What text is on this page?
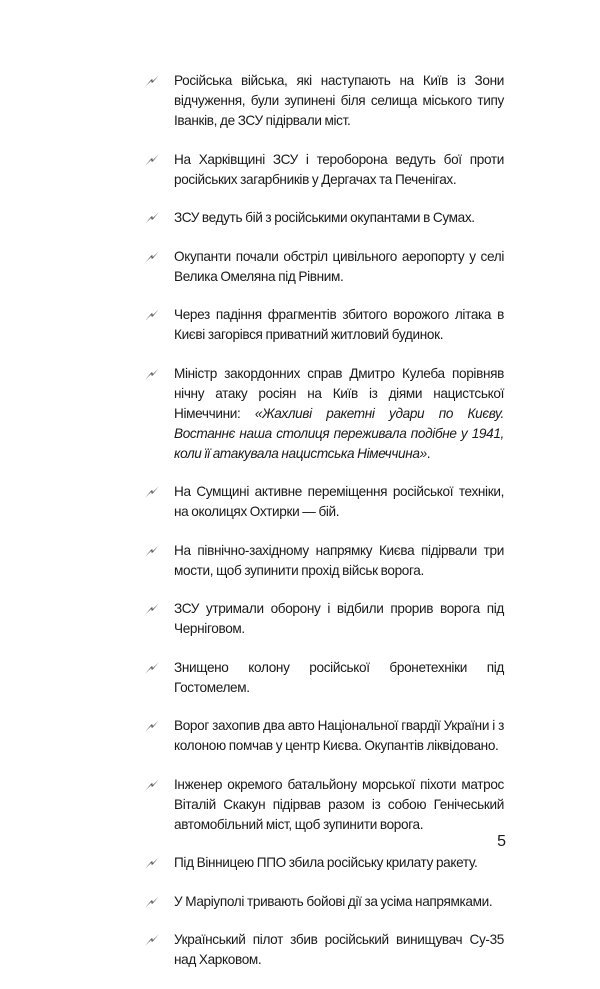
Російська війська, які наступають на Київ із Зони відчуження, були зупинені біля селища міського типу Іванків, де ЗСУ підірвали міст.
На Харківщині ЗСУ і тероборона ведуть бої проти російських загарбників у Дергачах та Печенігах.
ЗСУ ведуть бій з російськими окупантами в Сумах.
Окупанти почали обстріл цивільного аеропорту у селі Велика Омеляна під Рівним.
Через падіння фрагментів збитого ворожого літака в Києві загорівся приватний житловий будинок.
Міністр закордонних справ Дмитро Кулеба порівняв нічну атаку росіян на Київ із діями нацистської Німеччини: «Жахливі ракетні удари по Києву. Востаннє наша столиця переживала подібне у 1941, коли її атакувала нацистська Німеччина».
На Сумщині активне переміщення російської техніки, на околицях Охтирки — бій.
На північно-західному напрямку Києва підірвали три мости, щоб зупинити прохід військ ворога.
ЗСУ утримали оборону і відбили прорив ворога під Черніговом.
Знищено колону російської бронетехніки під Гостомелем.
Ворог захопив два авто Національної гвардії України і з колоною помчав у центр Києва. Окупантів ліквідовано.
Інженер окремого батальйону морської піхоти матрос Віталій Скакун підірвав разом із собою Генічеський автомобільний міст, щоб зупинити ворога.
Під Вінницею ППО збила російську крилату ракету.
У Маріуполі тривають бойові дії за усіма напрямками.
Український пілот збив російський винищувач Су-35 над Харковом.
5
